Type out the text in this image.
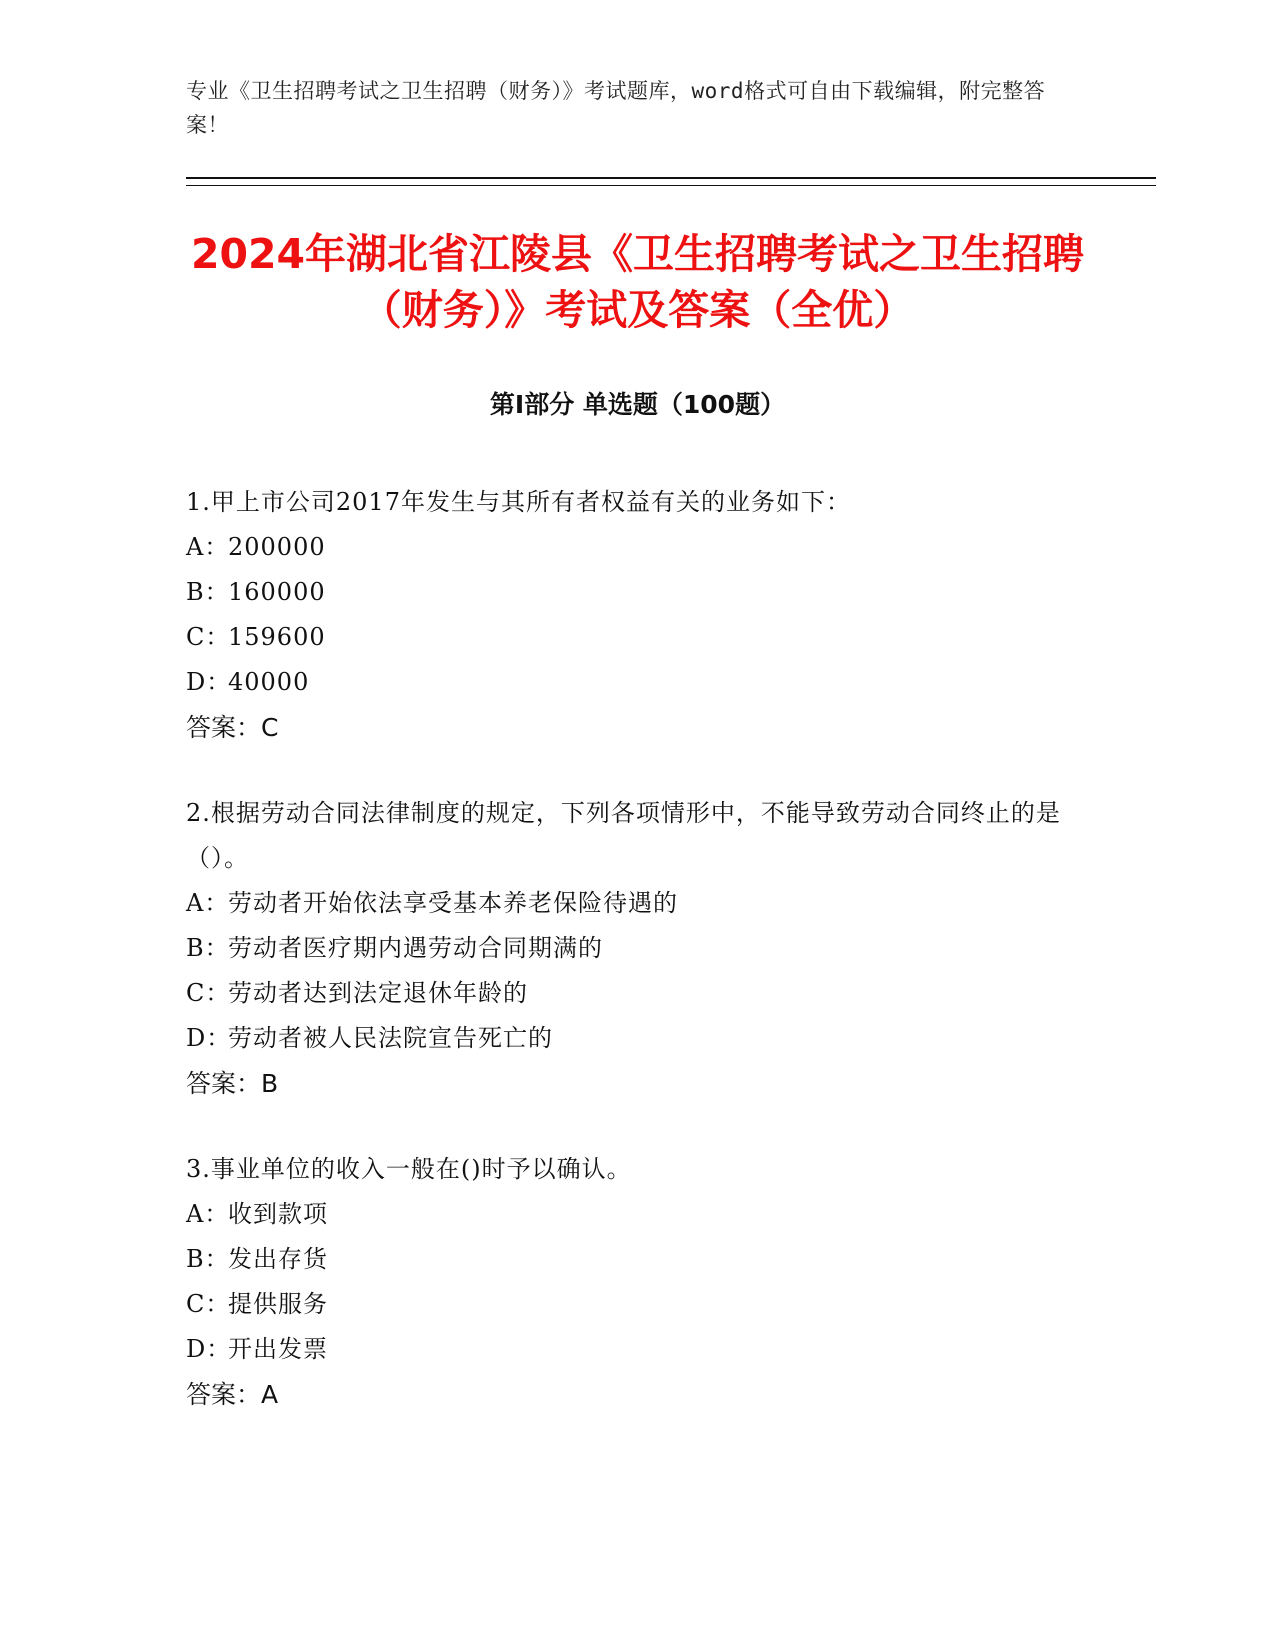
专业《卫生招聘考试之卫生招聘（财务）》考试题库，word格式可自由下载编辑，附完整答案！
2024年湖北省江陵县《卫生招聘考试之卫生招聘（财务）》考试及答案（全优）
第I部分 单选题（100题）

1.甲上市公司2017年发生与其所有者权益有关的业务如下：

A：200000

B：160000

C：159600

D：40000

答案：C

2.根据劳动合同法律制度的规定，下列各项情形中，不能导致劳动合同终止的是（）。

A：劳动者开始依法享受基本养老保险待遇的

B：劳动者医疗期内遇劳动合同期满的

C：劳动者达到法定退休年龄的

D：劳动者被人民法院宣告死亡的

答案：B

3.事业单位的收入一般在()时予以确认。

A：收到款项

B：发出存货

C：提供服务

D：开出发票

答案：A
